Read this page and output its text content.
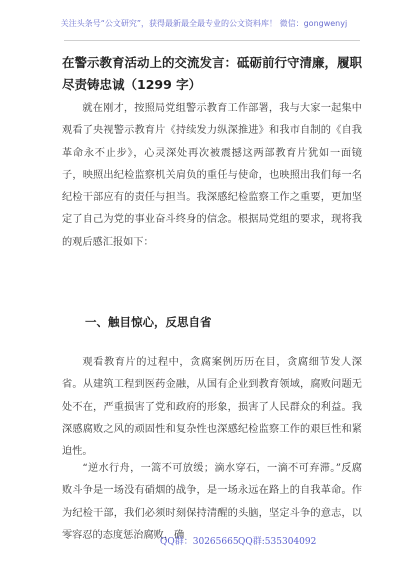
关注头条号“公文研究”，获得最新最全最专业的公文资料库！ 微信：gongwenyj
在警示教育活动上的交流发言：砥砺前行守清廉，履职尽责铸忠诚（1299 字）
就在刚才，按照局党组警示教育工作部署，我与大家一起集中观看了央视警示教育片《持续发力纵深推进》和我市自制的《自我革命永不止步》，心灵深处再次被震撼这两部教育片犹如一面镜子，映照出纪检监察机关肩负的重任与使命，也映照出我们每一名纪检干部应有的责任与担当。我深感纪检监察工作之重要，更加坚定了自己为党的事业奋斗终身的信念。根据局党组的要求，现将我的观后感汇报如下：
一、触目惊心，反思自省
观看教育片的过程中，贪腐案例历历在目，贪腐细节发人深省。从建筑工程到医药金融，从国有企业到教育领域，腐败问题无处不在，严重损害了党和政府的形象，损害了人民群众的利益。我深感腐败之风的顽固性和复杂性也深感纪检监察工作的艰巨性和紧迫性。
“逆水行舟，一篙不可放缓；滴水穿石，一滴不可弃滞。”反腐败斗争是一场没有硝烟的战争，是一场永远在路上的自我革命。作为纪检干部，我们必须时刻保持清醒的头脑，坚定斗争的意志，以零容忍的态度惩治腐败，确
QQ群：30265665 QQ群:535304092
